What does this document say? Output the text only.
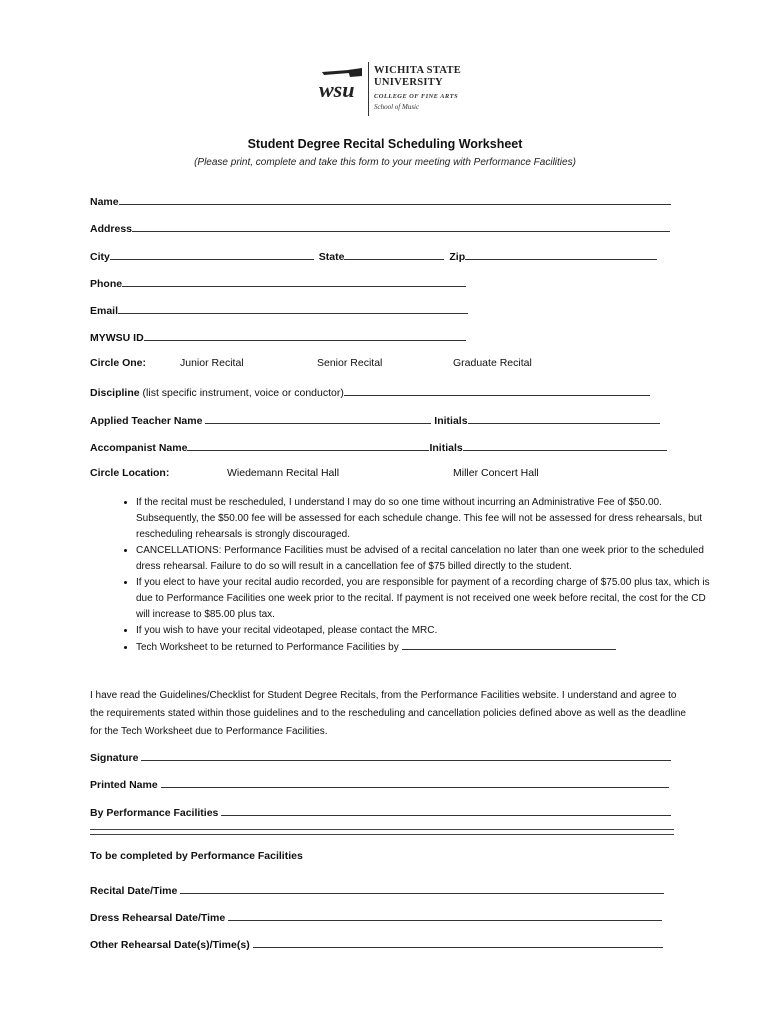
wsu
WICHITA STATE
UNIVERSITY
COLLEGE OF FINE ARTS
School of Music
Student Degree Recital Scheduling Worksheet
(Please print, complete and take this form to your meeting with Performance Facilities)
Name
Address
City	State	Zip
Phone
Email
MYWSU ID
Circle One:	Junior Recital	Senior Recital	Graduate Recital
Discipline (list specific instrument, voice or conductor)
Applied Teacher Name	Initials
Accompanist Name	Initials
Circle Location:	Wiedemann Recital Hall	Miller Concert Hall
• If the recital must be rescheduled, I understand I may do so one time without incurring an Administrative Fee of $50.00. Subsequently, the $50.00 fee will be assessed for each schedule change. This fee will not be assessed for dress rehearsals, but rescheduling rehearsals is strongly discouraged.
• CANCELLATIONS: Performance Facilities must be advised of a recital cancelation no later than one week prior to the scheduled dress rehearsal. Failure to do so will result in a cancellation fee of $75 billed directly to the student.
• If you elect to have your recital audio recorded, you are responsible for payment of a recording charge of $75.00 plus tax, which is due to Performance Facilities one week prior to the recital. If payment is not received one week before recital, the cost for the CD will increase to $85.00 plus tax.
• If you wish to have your recital videotaped, please contact the MRC.
• Tech Worksheet to be returned to Performance Facilities by
I have read the Guidelines/Checklist for Student Degree Recitals, from the Performance Facilities website. I understand and agree to the requirements stated within those guidelines and to the rescheduling and cancellation policies defined above as well as the deadline for the Tech Worksheet due to Performance Facilities.
Signature
Printed Name
By Performance Facilities
To be completed by Performance Facilities
Recital Date/Time
Dress Rehearsal Date/Time
Other Rehearsal Date(s)/Time(s)
